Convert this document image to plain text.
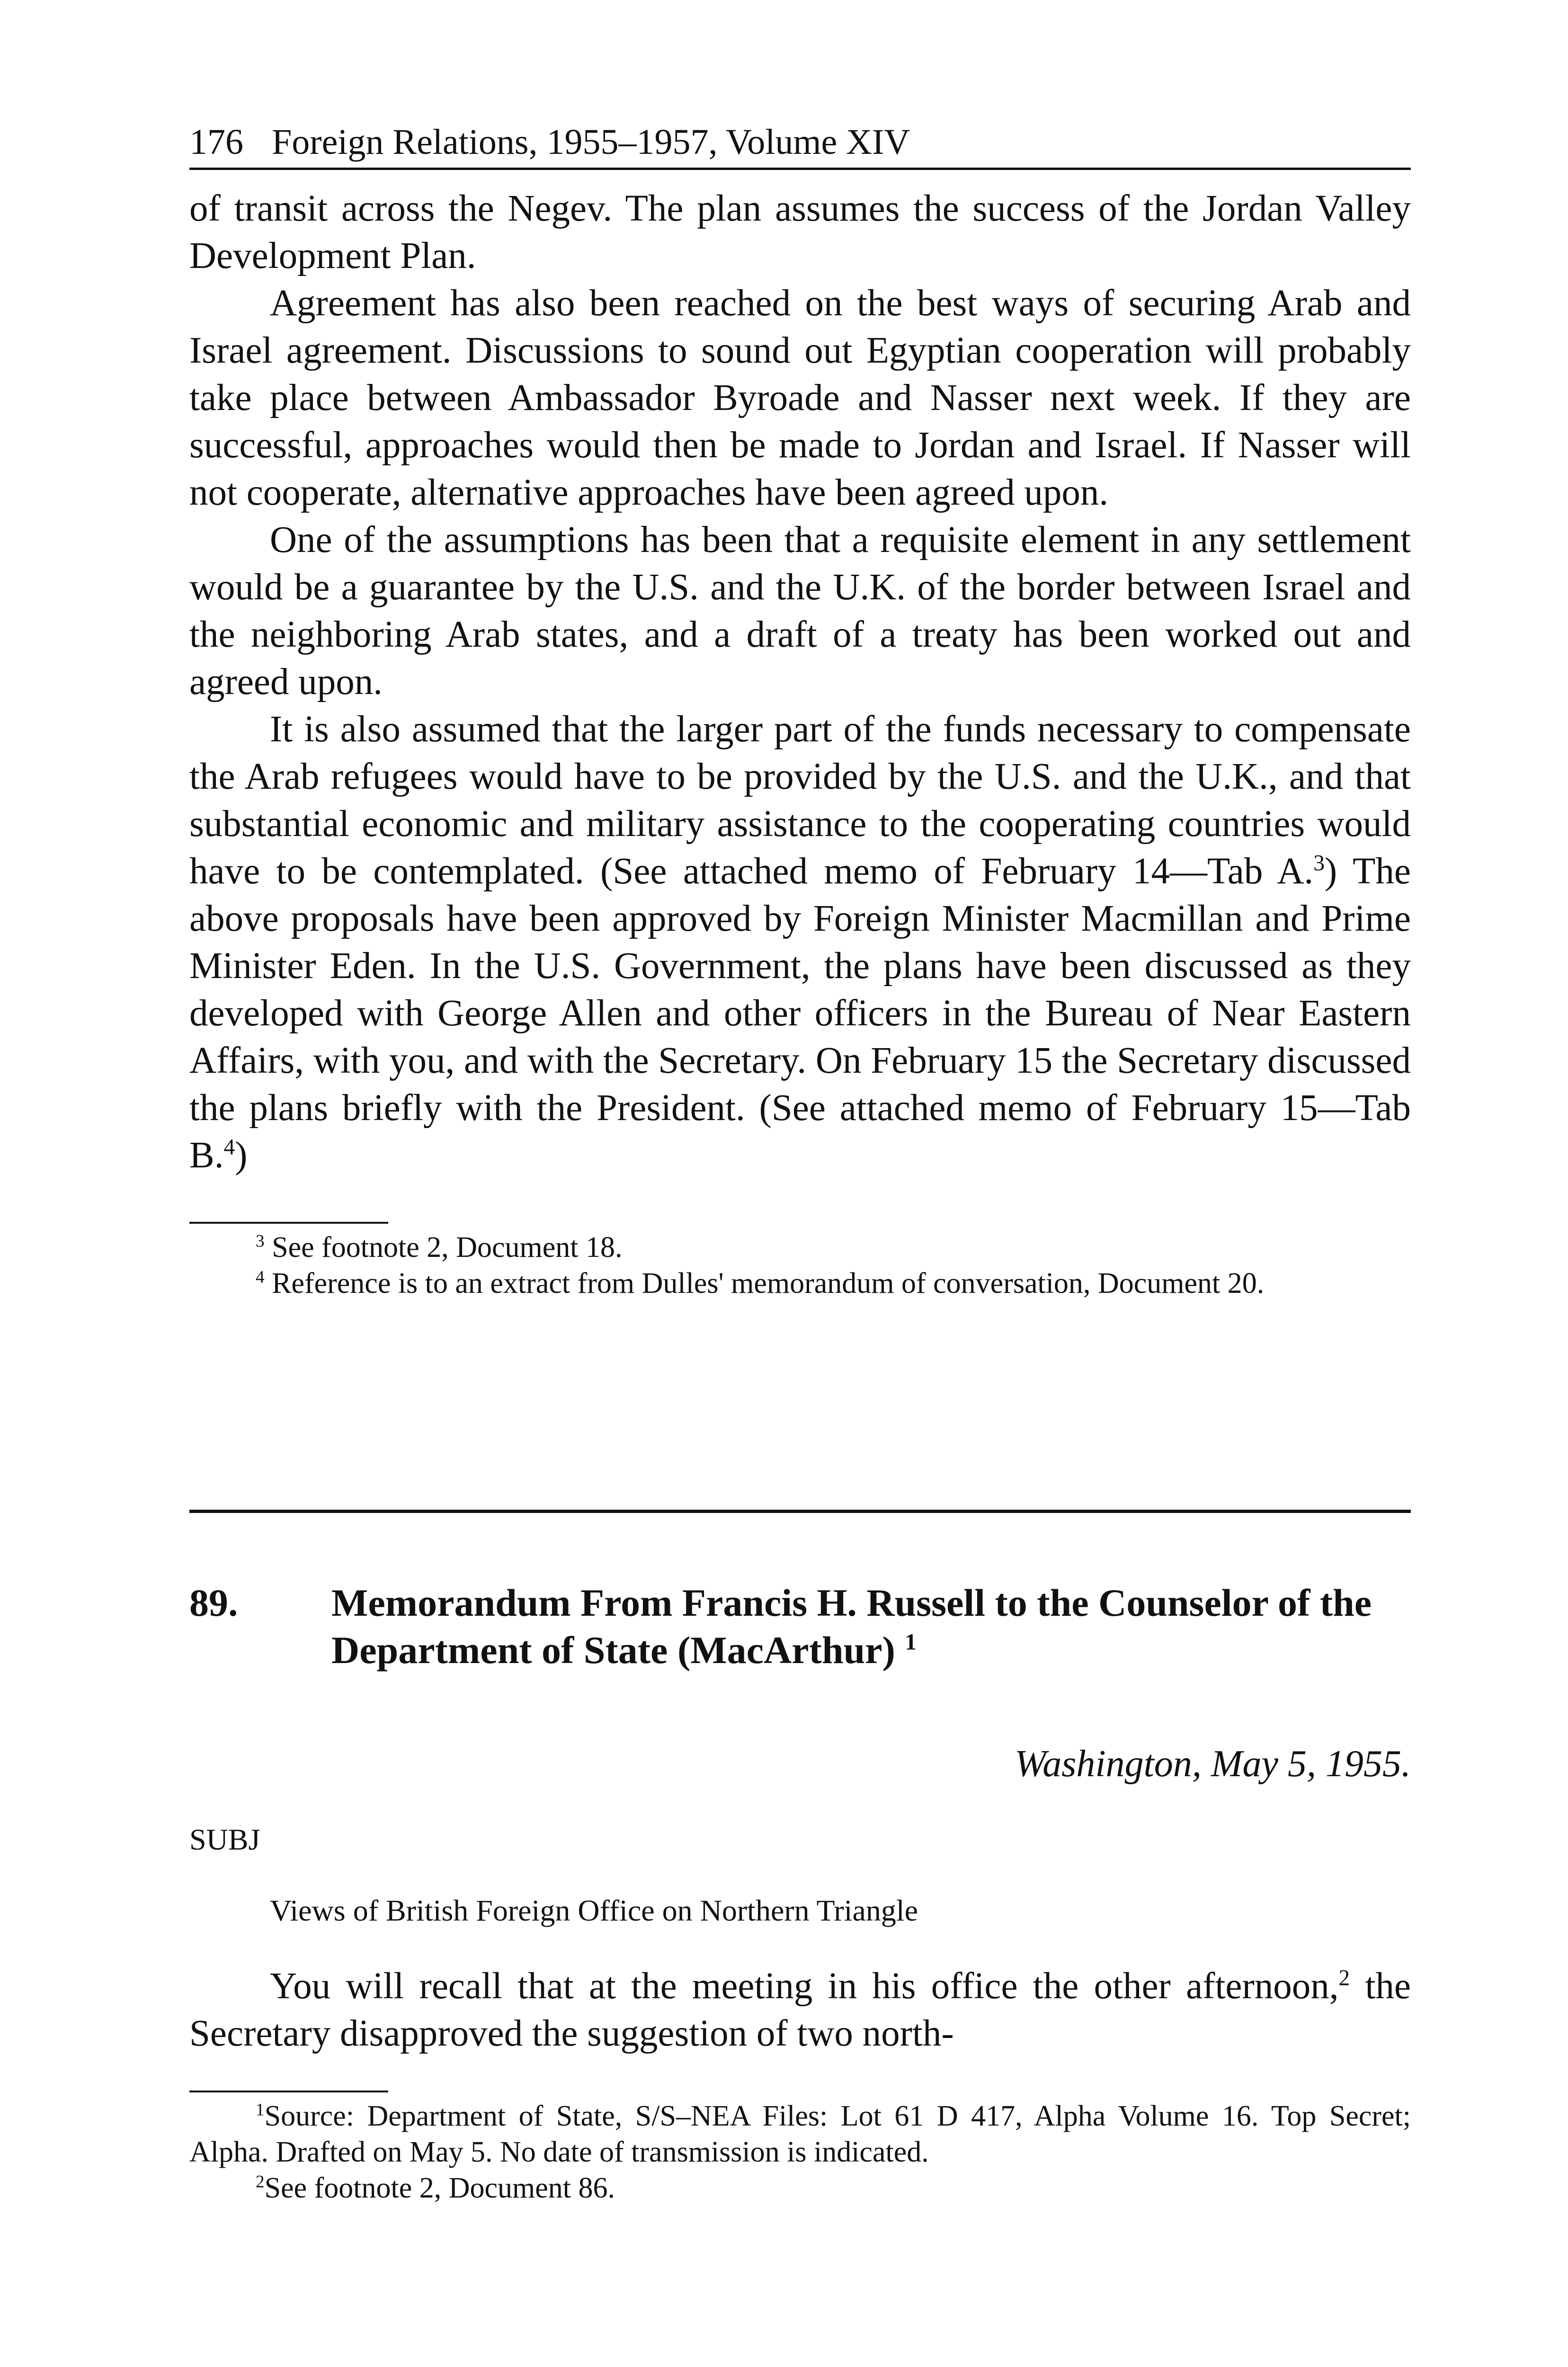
176 Foreign Relations, 1955–1957, Volume XIV

of transit across the Negev. The plan assumes the success of the Jordan Valley Development Plan.

Agreement has also been reached on the best ways of securing Arab and Israel agreement. Discussions to sound out Egyptian cooperation will probably take place between Ambassador Byroade and Nasser next week. If they are successful, approaches would then be made to Jordan and Israel. If Nasser will not cooperate, alternative approaches have been agreed upon.

One of the assumptions has been that a requisite element in any settlement would be a guarantee by the U.S. and the U.K. of the border between Israel and the neighboring Arab states, and a draft of a treaty has been worked out and agreed upon.

It is also assumed that the larger part of the funds necessary to compensate the Arab refugees would have to be provided by the U.S. and the U.K., and that substantial economic and military assistance to the cooperating countries would have to be contemplated. (See attached memo of February 14—Tab A.$^3$) The above proposals have been approved by Foreign Minister Macmillan and Prime Minister Eden. In the U.S. Government, the plans have been discussed as they developed with George Allen and other officers in the Bureau of Near Eastern Affairs, with you, and with the Secretary. On February 15 the Secretary discussed the plans briefly with the President. (See attached memo of February 15—Tab B.$^4$)

$^3$ See footnote 2, Document 18.

$^4$ Reference is to an extract from Dulles' memorandum of conversation, Document 20.

89.	Memorandum From Francis H. Russell to the Counselor of the Department of State (MacArthur) $^1$
Washington, May 5, 1955.
SUBJ
Views of British Foreign Office on Northern Triangle

You will recall that at the meeting in his office the other afternoon,$^2$ the Secretary disapproved the suggestion of two north-

$^1$Source: Department of State, S/S–NEA Files: Lot 61 D 417, Alpha Volume 16. Top Secret; Alpha. Drafted on May 5. No date of transmission is indicated.

$^2$See footnote 2, Document 86.
